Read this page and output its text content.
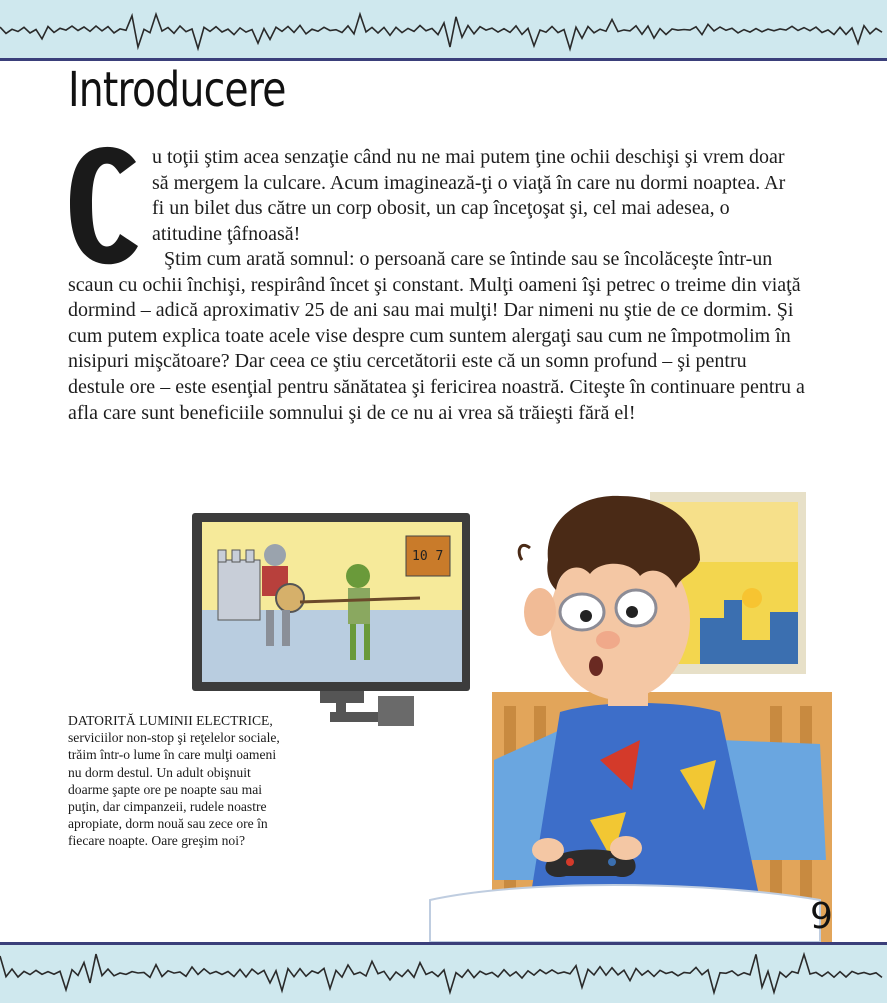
Introducere
C

u toţii ştim acea senzaţie când nu ne mai putem ţine ochii deschişi şi vrem doar să mergem la culcare. Acum imaginează-ţi o viaţă în care nu dormi noaptea. Ar fi un bilet dus către un corp obosit, un cap înceţoşat şi, cel mai adesea, o atitudine ţâfnoasă!

Ştim cum arată somnul: o persoană care se întinde sau se încolăceşte într-un scaun cu ochii închişi, respirând încet şi constant. Mulţi oameni îşi petrec o treime din viaţă dormind – adică aproximativ 25 de ani sau mai mulţi! Dar nimeni nu ştie de ce dormim. Şi cum putem explica toate acele vise despre cum suntem alergaţi sau cum ne împotmolim în nisipuri mişcătoare? Dar ceea ce ştiu cercetătorii este că un somn profund – şi pentru destule ore – este esenţial pentru sănătatea şi fericirea noastră. Citeşte în continuare pentru a afla care sunt beneficiile somnului şi de ce nu ai vrea să trăieşti fără el!

10 7

DATORITĂ LUMINII ELECTRICE, serviciilor non-stop şi reţelelor sociale, trăim într-o lume în care mulţi oameni nu dorm destul. Un adult obişnuit doarme şapte ore pe noapte sau mai puţin, dar cimpanzeii, rudele noastre apropiate, dorm nouă sau zece ore în fiecare noapte. Oare greşim noi?

9
